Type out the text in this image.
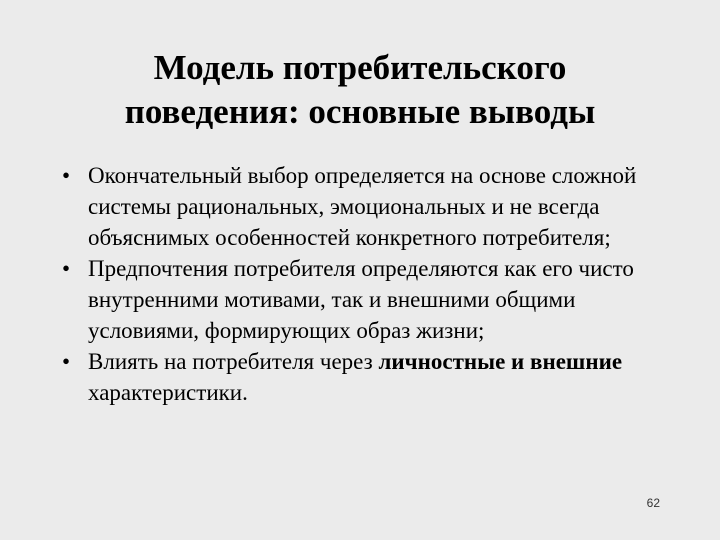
Модель потребительского
поведения: основные выводы
• Окончательный выбор определяется на основе сложной системы рациональных, эмоциональных и не всегда объяснимых особенностей конкретного потребителя;
• Предпочтения потребителя определяются как его чисто внутренними мотивами, так и внешними общими условиями, формирующих образ жизни;
• Влиять на потребителя через личностные и внешние характеристики.
62
